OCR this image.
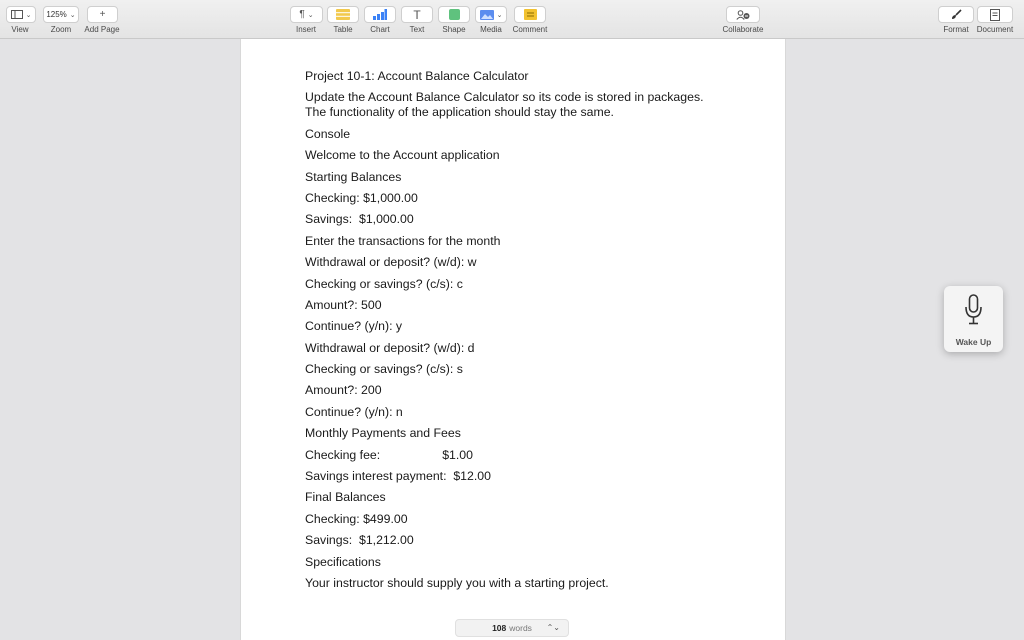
⌄
View
125% ⌄
Zoom
+
Add Page
¶ ⌄
Insert	Table	Chart
T
Text	Shape
⌄
Media	Comment	Collaborate	Format	Document

Project 10-1: Account Balance Calculator

Update the Account Balance Calculator so its code is stored in packages. The functionality of the application should stay the same.

Console

Welcome to the Account application

Starting Balances

Checking: $1,000.00

Savings:  $1,000.00

Enter the transactions for the month

Withdrawal or deposit? (w/d): w

Checking or savings? (c/s): c

Amount?: 500

Continue? (y/n): y

Withdrawal or deposit? (w/d): d

Checking or savings? (c/s): s

Amount?: 200

Continue? (y/n): n

Monthly Payments and Fees

Checking fee:	$1.00

Savings interest payment:  $12.00

Final Balances

Checking: $499.00

Savings:  $1,212.00

Specifications

Your instructor should supply you with a starting project.

108 words ⌃⌄
Wake Up
